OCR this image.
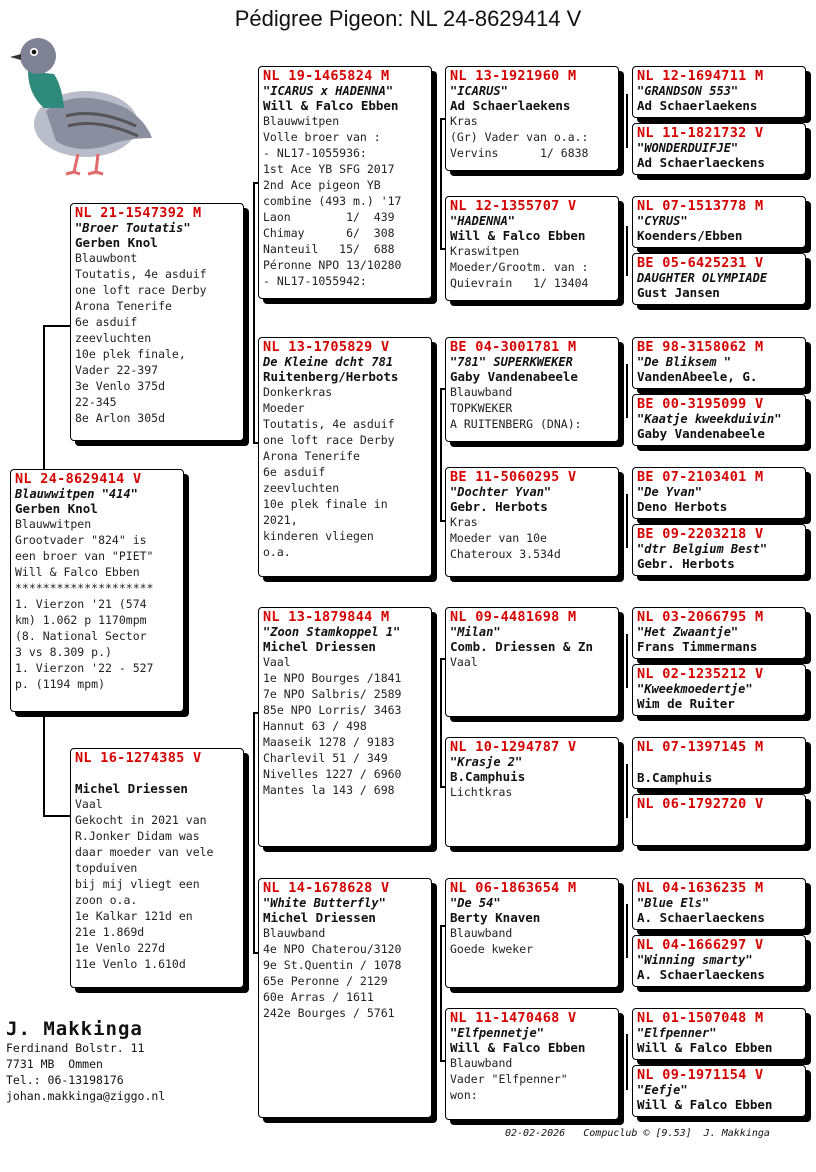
Pédigree Pigeon: NL 24-8629414 V
NL 24-8629414 V
Blauwwitpen "414"
Gerben Knol
Blauwwitpen
Grootvader "824" is
een broer van "PIET"
Will & Falco Ebben
********************
1. Vierzon '21 (574
km) 1.062 p 1170mpm
(8. National Sector
3 vs 8.309 p.)
1. Vierzon '22 - 527
p. (1194 mpm)
NL 21-1547392 M
"Broer Toutatis"
Gerben Knol
Blauwbont
Toutatis, 4e asduif
one loft race Derby
Arona Tenerife
6e asduif
zeevluchten
10e plek finale,
Vader 22-397
3e Venlo 375d
22-345
8e Arlon 305d
NL 16-1274385 V
Michel Driessen
Vaal
Gekocht in 2021 van
R.Jonker Didam was
daar moeder van vele
topduiven
bij mij vliegt een
zoon o.a.
1e Kalkar 121d en
21e 1.869d
1e Venlo 227d
11e Venlo 1.610d
NL 19-1465824 M
"ICARUS x HADENNA"
Will & Falco Ebben
Blauwwitpen
Volle broer van :
- NL17-1055936:
1st Ace YB SFG 2017
2nd Ace pigeon YB
combine (493 m.) '17
Laon        1/  439
Chimay      6/  308
Nanteuil   15/  688
Péronne NPO 13/10280
- NL17-1055942:
NL 13-1705829 V
De Kleine dcht 781
Ruitenberg/Herbots
Donkerkras
Moeder
Toutatis, 4e asduif
one loft race Derby
Arona Tenerife
6e asduif
zeevluchten
10e plek finale in
2021,
kinderen vliegen
o.a.
NL 13-1879844 M
"Zoon Stamkoppel 1"
Michel Driessen
Vaal
1e NPO Bourges /1841
7e NPO Salbris/ 2589
85e NPO Lorris/ 3463
Hannut 63 / 498
Maaseik 1278 / 9183
Charlevil 51 / 349
Nivelles 1227 / 6960
Mantes la 143 / 698
NL 14-1678628 V
"White Butterfly"
Michel Driessen
Blauwband
4e NPO Chaterou/3120
9e St.Quentin / 1078
65e Peronne / 2129
60e Arras / 1611
242e Bourges / 5761
NL 13-1921960 M
"ICARUS"
Ad Schaerlaekens
Kras
(Gr) Vader van o.a.:
Vervins      1/ 6838
NL 12-1355707 V
"HADENNA"
Will & Falco Ebben
Kraswitpen
Moeder/Grootm. van :
Quievrain   1/ 13404
BE 04-3001781 M
"781" SUPERKWEKER
Gaby Vandenabeele
Blauwband
TOPKWEKER
A RUITENBERG (DNA):
BE 11-5060295 V
"Dochter Yvan"
Gebr. Herbots
Kras
Moeder van 10e
Chateroux 3.534d
NL 09-4481698 M
"Milan"
Comb. Driessen & Zn
Vaal
NL 10-1294787 V
"Krasje 2"
B.Camphuis
Lichtkras
NL 06-1863654 M
"De 54"
Berty Knaven
Blauwband
Goede kweker
NL 11-1470468 V
"Elfpennetje"
Will & Falco Ebben
Blauwband
Vader "Elfpenner"
won:
NL 12-1694711 M
"GRANDSON 553"
Ad Schaerlaekens
NL 11-1821732 V
"WONDERDUIFJE"
Ad Schaerlaeckens
NL 07-1513778 M
"CYRUS"
Koenders/Ebben
BE 05-6425231 V
DAUGHTER OLYMPIADE
Gust Jansen
BE 98-3158062 M
"De Bliksem "
VandenAbeele, G.
BE 00-3195099 V
"Kaatje kweekduivin"
Gaby Vandenabeele
BE 07-2103401 M
"De Yvan"
Deno Herbots
BE 09-2203218 V
"dtr Belgium Best"
Gebr. Herbots
NL 03-2066795 M
"Het Zwaantje"
Frans Timmermans
NL 02-1235212 V
"Kweekmoedertje"
Wim de Ruiter
NL 07-1397145 M
B.Camphuis
NL 06-1792720 V
NL 04-1636235 M
"Blue Els"
A. Schaerlaeckens
NL 04-1666297 V
"Winning smarty"
A. Schaerlaeckens
NL 01-1507048 M
"Elfpenner"
Will & Falco Ebben
NL 09-1971154 V
"Eefje"
Will & Falco Ebben
J. Makkinga
Ferdinand Bolstr. 11
7731 MB  Ommen
Tel.: 06-13198176
johan.makkinga@ziggo.nl
02-02-2026   Compuclub © [9.53]  J. Makkinga
